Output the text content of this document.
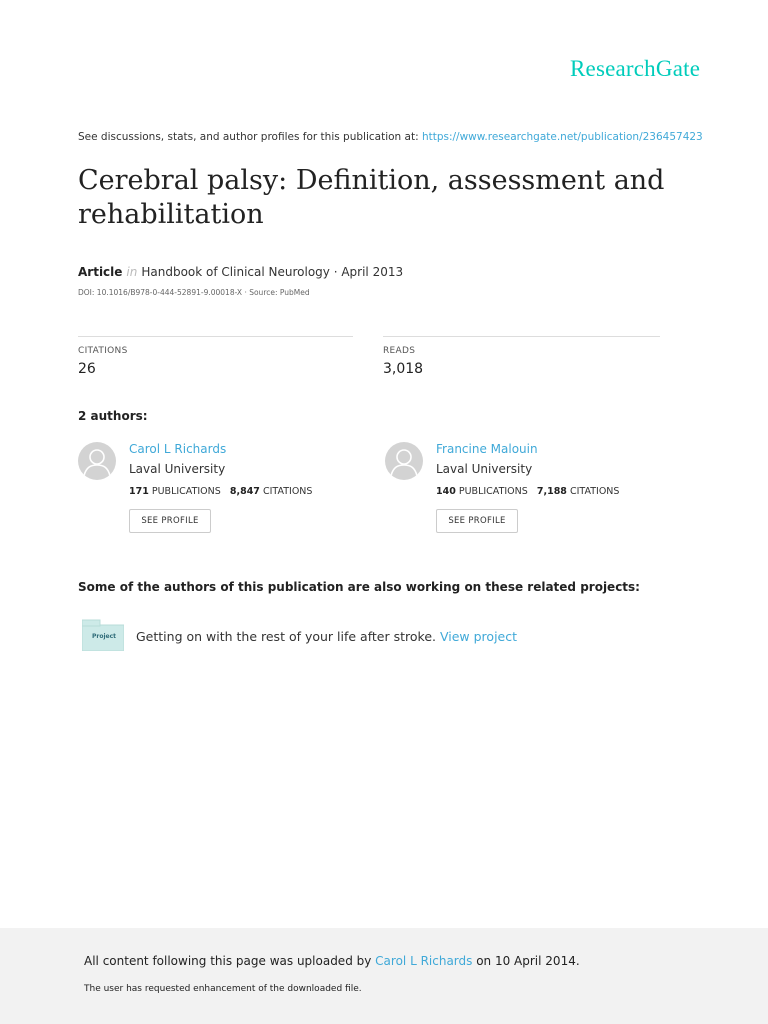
ResearchGate
See discussions, stats, and author profiles for this publication at: https://www.researchgate.net/publication/236457423
Cerebral palsy: Definition, assessment and rehabilitation
Article in Handbook of Clinical Neurology · April 2013
DOI: 10.1016/B978-0-444-52891-9.00018-X · Source: PubMed
CITATIONS
26
READS
3,018
2 authors:
Carol L Richards
Laval University
171 PUBLICATIONS 8,847 CITATIONS
SEE PROFILE
Francine Malouin
Laval University
140 PUBLICATIONS 7,188 CITATIONS
SEE PROFILE
Some of the authors of this publication are also working on these related projects:
Project Getting on with the rest of your life after stroke. View project
All content following this page was uploaded by Carol L Richards on 10 April 2014.
The user has requested enhancement of the downloaded file.
